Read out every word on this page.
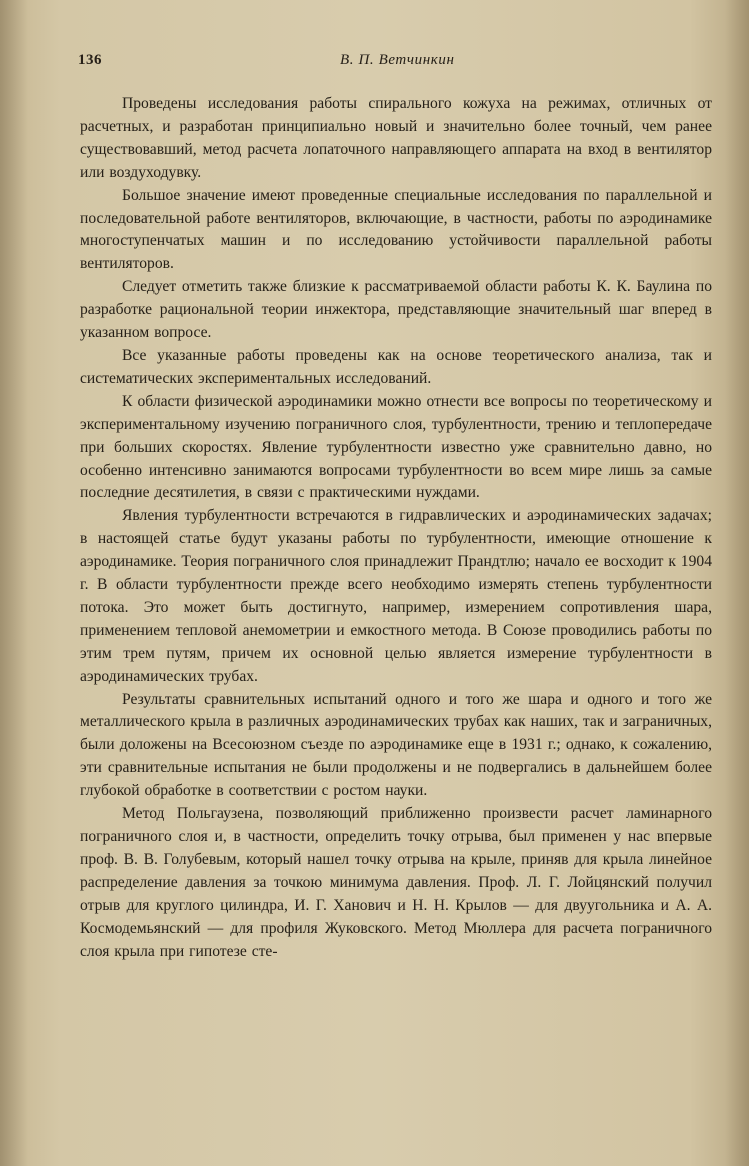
136	В. П. Ветчинкин

Проведены исследования работы спирального кожуха на режимах, отличных от расчетных, и разработан принципиально новый и значительно более точный, чем ранее существовавший, метод расчета лопаточного направляющего аппарата на вход в вентилятор или воздуходувку.

Большое значение имеют проведенные специальные исследования по параллельной и последовательной работе вентиляторов, включающие, в частности, работы по аэродинамике многоступенчатых машин и по исследованию устойчивости параллельной работы вентиляторов.

Следует отметить также близкие к рассматриваемой области работы К. К. Баулина по разработке рациональной теории инжектора, представляющие значительный шаг вперед в указанном вопросе.

Все указанные работы проведены как на основе теоретического анализа, так и систематических экспериментальных исследований.

К области физической аэродинамики можно отнести все вопросы по теоретическому и экспериментальному изучению пограничного слоя, турбулентности, трению и теплопередаче при больших скоростях. Явление турбулентности известно уже сравнительно давно, но особенно интенсивно занимаются вопросами турбулентности во всем мире лишь за самые последние десятилетия, в связи с практическими нуждами.

Явления турбулентности встречаются в гидравлических и аэродинамических задачах; в настоящей статье будут указаны работы по турбулентности, имеющие отношение к аэродинамике. Теория пограничного слоя принадлежит Прандтлю; начало ее восходит к 1904 г. В области турбулентности прежде всего необходимо измерять степень турбулентности потока. Это может быть достигнуто, например, измерением сопротивления шара, применением тепловой анемометрии и емкостного метода. В Союзе проводились работы по этим трем путям, причем их основной целью является измерение турбулентности в аэродинамических трубах.

Результаты сравнительных испытаний одного и того же шара и одного и того же металлического крыла в различных аэродинамических трубах как наших, так и заграничных, были доложены на Всесоюзном съезде по аэродинамике еще в 1931 г.; однако, к сожалению, эти сравнительные испытания не были продолжены и не подвергались в дальнейшем более глубокой обработке в соответствии с ростом науки.

Метод Польгаузена, позволяющий приближенно произвести расчет ламинарного пограничного слоя и, в частности, определить точку отрыва, был применен у нас впервые проф. В. В. Голубевым, который нашел точку отрыва на крыле, приняв для крыла линейное распределение давления за точкою минимума давления. Проф. Л. Г. Лойцянский получил отрыв для круглого цилиндра, И. Г. Ханович и Н. Н. Крылов — для двуугольника и А. А. Космодемьянский — для профиля Жуковского. Метод Мюллера для расчета пограничного слоя крыла при гипотезе сте-
